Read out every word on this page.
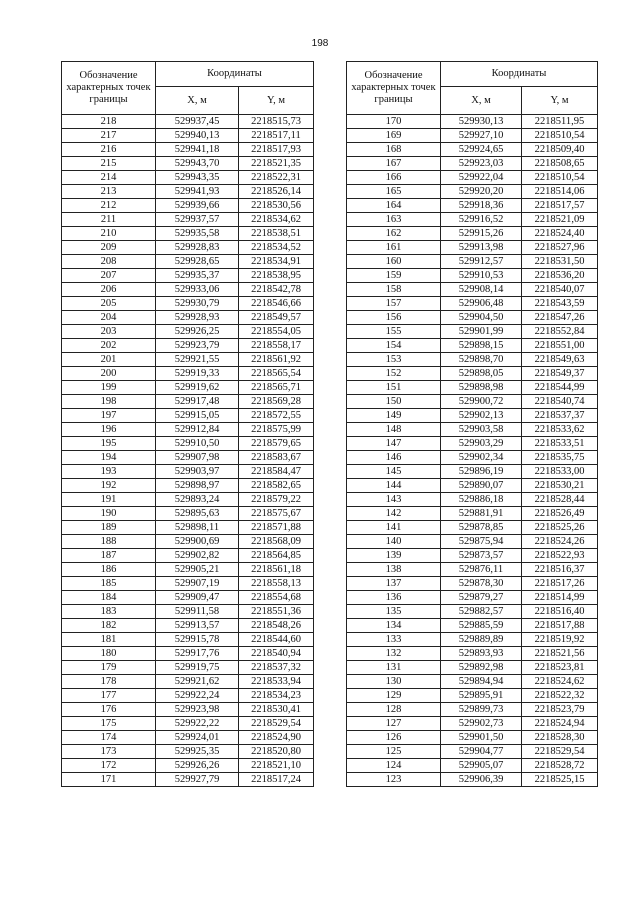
198
Обозначение характерных точек границы	Координаты	
	X, м	Y, м
218	529937,45	2218515,73
217	529940,13	2218517,11
216	529941,18	2218517,93
215	529943,70	2218521,35
214	529943,35	2218522,31
213	529941,93	2218526,14
212	529939,66	2218530,56
211	529937,57	2218534,62
210	529935,58	2218538,51
209	529928,83	2218534,52
208	529928,65	2218534,91
207	529935,37	2218538,95
206	529933,06	2218542,78
205	529930,79	2218546,66
204	529928,93	2218549,57
203	529926,25	2218554,05
202	529923,79	2218558,17
201	529921,55	2218561,92
200	529919,33	2218565,54
199	529919,62	2218565,71
198	529917,48	2218569,28
197	529915,05	2218572,55
196	529912,84	2218575,99
195	529910,50	2218579,65
194	529907,98	2218583,67
193	529903,97	2218584,47
192	529898,97	2218582,65
191	529893,24	2218579,22
190	529895,63	2218575,67
189	529898,11	2218571,88
188	529900,69	2218568,09
187	529902,82	2218564,85
186	529905,21	2218561,18
185	529907,19	2218558,13
184	529909,47	2218554,68
183	529911,58	2218551,36
182	529913,57	2218548,26
181	529915,78	2218544,60
180	529917,76	2218540,94
179	529919,75	2218537,32
178	529921,62	2218533,94
177	529922,24	2218534,23
176	529923,98	2218530,41
175	529922,22	2218529,54
174	529924,01	2218524,90
173	529925,35	2218520,80
172	529926,26	2218521,10
171	529927,79	2218517,24
Обозначение характерных точек границы	Координаты	
	X, м	Y, м
170	529930,13	2218511,95
169	529927,10	2218510,54
168	529924,65	2218509,40
167	529923,03	2218508,65
166	529922,04	2218510,54
165	529920,20	2218514,06
164	529918,36	2218517,57
163	529916,52	2218521,09
162	529915,26	2218524,40
161	529913,98	2218527,96
160	529912,57	2218531,50
159	529910,53	2218536,20
158	529908,14	2218540,07
157	529906,48	2218543,59
156	529904,50	2218547,26
155	529901,99	2218552,84
154	529898,15	2218551,00
153	529898,70	2218549,63
152	529898,05	2218549,37
151	529898,98	2218544,99
150	529900,72	2218540,74
149	529902,13	2218537,37
148	529903,58	2218533,62
147	529903,29	2218533,51
146	529902,34	2218535,75
145	529896,19	2218533,00
144	529890,07	2218530,21
143	529886,18	2218528,44
142	529881,91	2218526,49
141	529878,85	2218525,26
140	529875,94	2218524,26
139	529873,57	2218522,93
138	529876,11	2218516,37
137	529878,30	2218517,26
136	529879,27	2218514,99
135	529882,57	2218516,40
134	529885,59	2218517,88
133	529889,89	2218519,92
132	529893,93	2218521,56
131	529892,98	2218523,81
130	529894,94	2218524,62
129	529895,91	2218522,32
128	529899,73	2218523,79
127	529902,73	2218524,94
126	529901,50	2218528,30
125	529904,77	2218529,54
124	529905,07	2218528,72
123	529906,39	2218525,15
